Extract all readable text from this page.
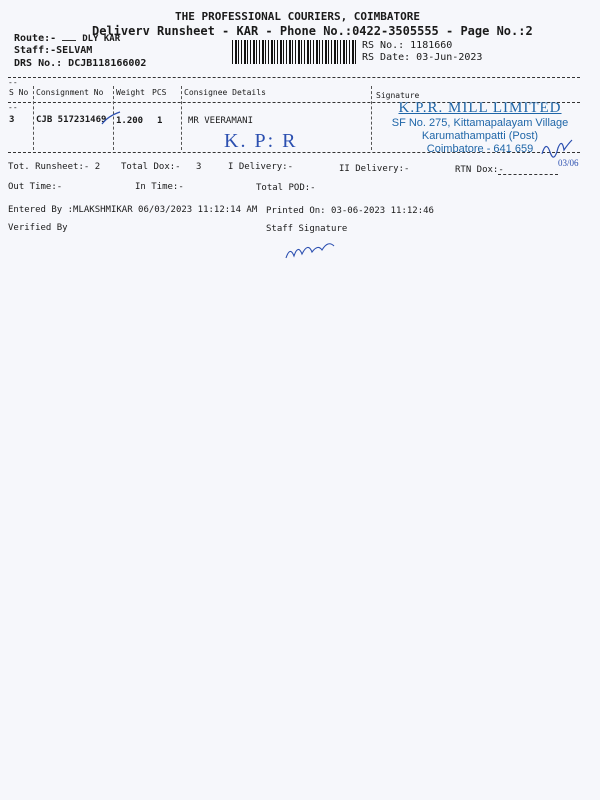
THE PROFESSIONAL COURIERS, COIMBATORE
Deliverv Runsheet - KAR - Phone No.:0422-3505555 - Page No.:2
Route:-	DLY KAR
Staff:-SELVAM
DRS No.: DCJB118166002
RS No.: 1181660
RS Date: 03-Jun-2023
--
--
S No Consignment No Weight PCS Consignee Details	Signature
3 CJB 517231469 1.200 1	MR VEERAMANI
K. P: R
K.P.R. MILL LIMITED
SF No. 275, Kittamapalayam Village
Karumathampatti (Post)
Coimbatore - 641 659
03/06
Tot. Runsheet:- 2 Total Dox:- 3	I Delivery:-	II Delivery:-	RTN Dox:-
Out Time:-	In Time:-	Total POD:-
Entered By :MLAKSHMIKAR 06/03/2023 11:12:14 AM Printed On: 03-06-2023 11:12:46
Verified By	Staff Signature
